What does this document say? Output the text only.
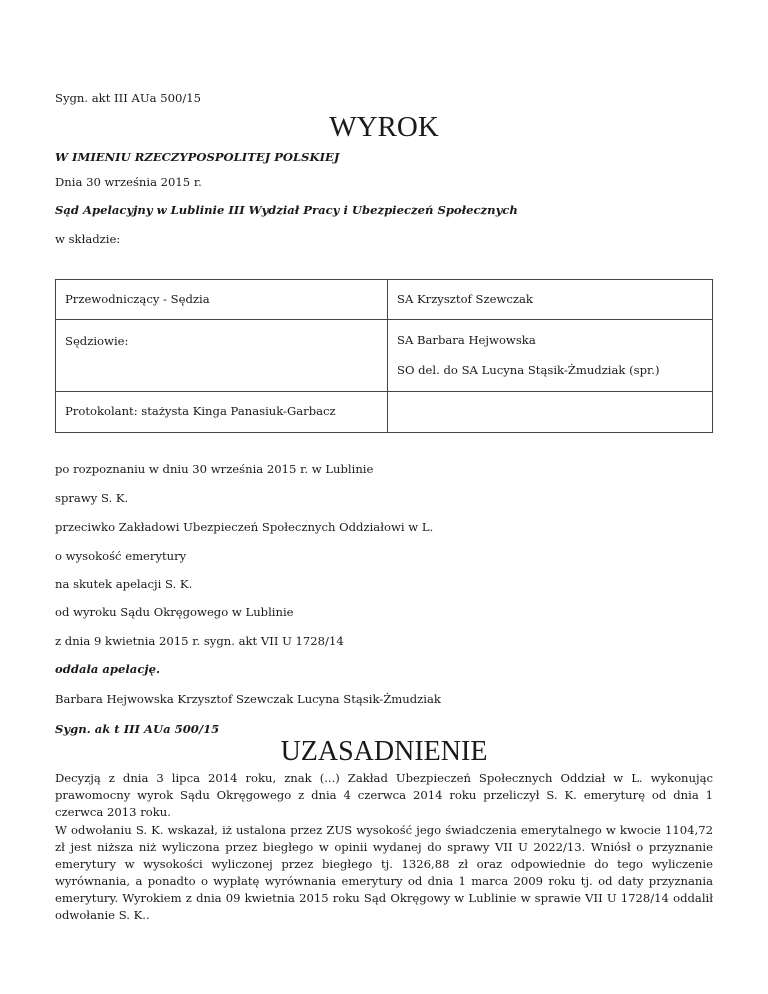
Sygn. akt III AUa 500/15
WYROK
W IMIENIU RZECZYPOSPOLITEJ POLSKIEJ
Dnia 30 września 2015 r.
Sąd Apelacyjny w Lublinie III Wydział Pracy i Ubezpieczeń Społecznych
w składzie:
Przewodniczący - Sędzia	SA Krzysztof Szewczak
Sędziowie:	SA Barbara Hejwowska
SO del. do SA Lucyna Stąsik-Żmudziak (spr.)

Protokolant: stażysta Kinga Panasiuk-Garbacz	
po rozpoznaniu w dniu 30 września 2015 r. w Lublinie
sprawy S. K.
przeciwko Zakładowi Ubezpieczeń Społecznych Oddziałowi w L.
o wysokość emerytury
na skutek apelacji S. K.
od wyroku Sądu Okręgowego w Lublinie
z dnia 9 kwietnia 2015 r. sygn. akt VII U 1728/14
oddala apelację.
Barbara Hejwowska Krzysztof Szewczak Lucyna Stąsik-Żmudziak
Sygn. ak t III AUa 500/15
UZASADNIENIE
Decyzją z dnia 3 lipca 2014 roku, znak (...) Zakład Ubezpieczeń Społecznych Oddział w L. wykonując prawomocny wyrok Sądu Okręgowego z dnia 4 czerwca 2014 roku przeliczył S. K. emeryturę od dnia 1 czerwca 2013 roku.
W odwołaniu S. K. wskazał, iż ustalona przez ZUS wysokość jego świadczenia emerytalnego w kwocie 1104,72 zł jest niższa niż wyliczona przez biegłego w opinii wydanej do sprawy VII U 2022/13. Wniósł o przyznanie emerytury w wysokości wyliczonej przez biegłego tj. 1326,88 zł oraz odpowiednie do tego wyliczenie wyrównania, a ponadto o wypłatę wyrównania emerytury od dnia 1 marca 2009 roku tj. od daty przyznania emerytury. Wyrokiem z dnia 09 kwietnia 2015 roku Sąd Okręgowy w Lublinie w sprawie VII U 1728/14 oddalił odwołanie S. K..
